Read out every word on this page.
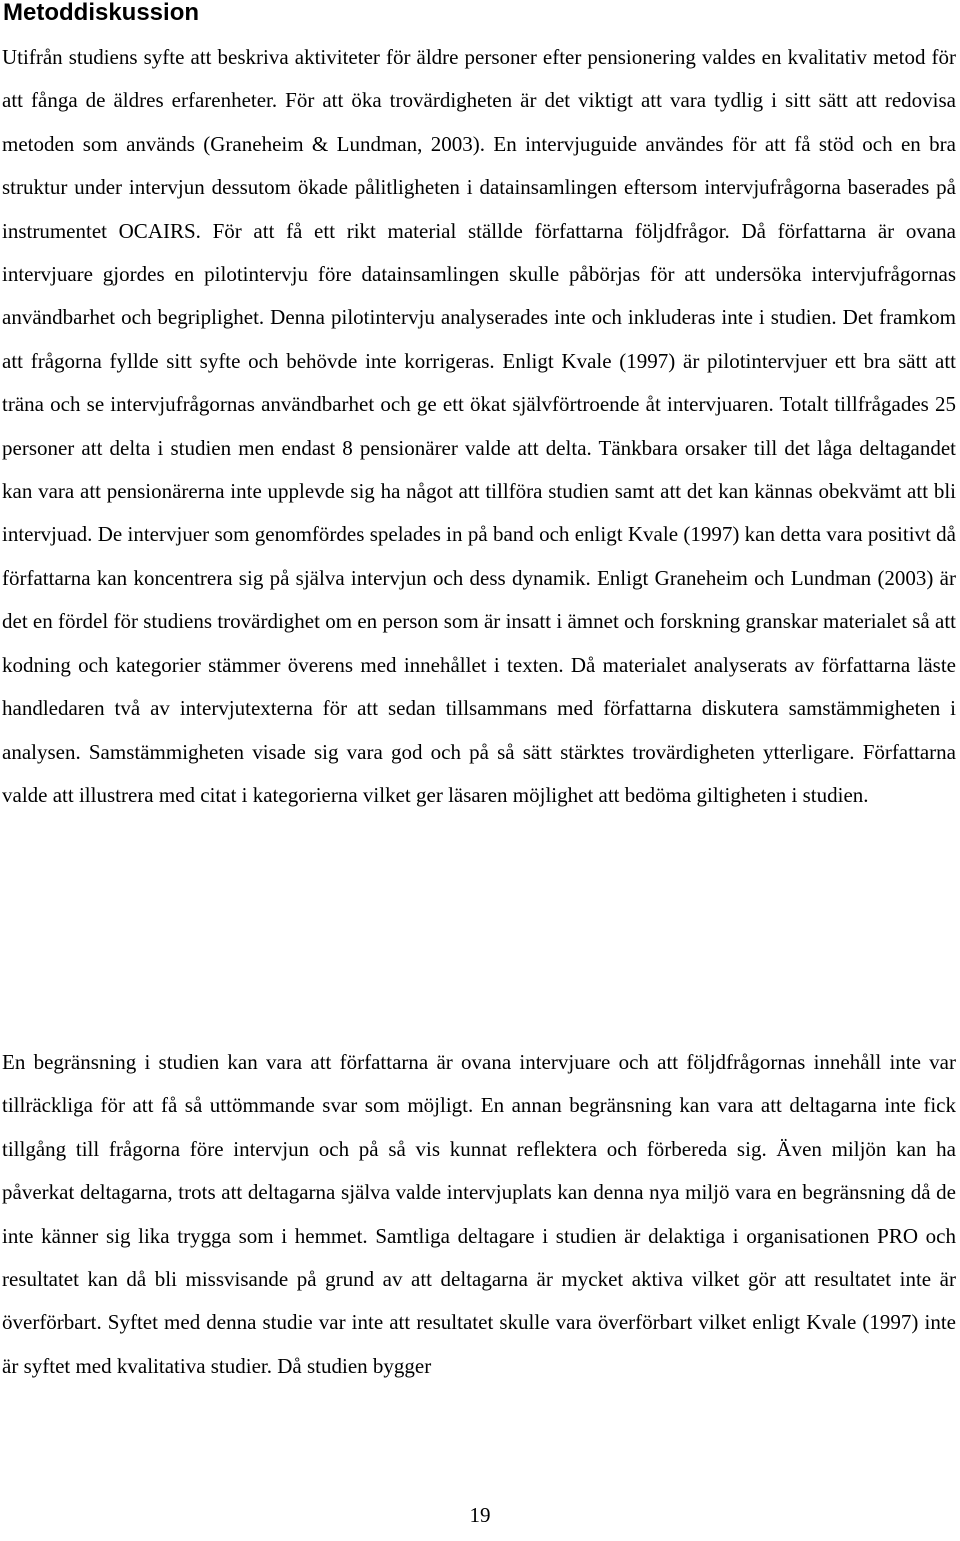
Metoddiskussion

Utifrån studiens syfte att beskriva aktiviteter för äldre personer efter pensionering valdes en kvalitativ metod för att fånga de äldres erfarenheter. För att öka trovärdigheten är det viktigt att vara tydlig i sitt sätt att redovisa metoden som används (Graneheim & Lundman, 2003). En intervjuguide användes för att få stöd och en bra struktur under intervjun dessutom ökade pålitligheten i datainsamlingen eftersom intervjufrågorna baserades på instrumentet OCAIRS. För att få ett rikt material ställde författarna följdfrågor. Då författarna är ovana intervjuare gjordes en pilotintervju före datainsamlingen skulle påbörjas för att undersöka intervjufrågornas användbarhet och begriplighet. Denna pilotintervju analyserades inte och inkluderas inte i studien. Det framkom att frågorna fyllde sitt syfte och behövde inte korrigeras. Enligt Kvale (1997) är pilotintervjuer ett bra sätt att träna och se intervjufrågornas användbarhet och ge ett ökat självförtroende åt intervjuaren. Totalt tillfrågades 25 personer att delta i studien men endast 8 pensionärer valde att delta. Tänkbara orsaker till det låga deltagandet kan vara att pensionärerna inte upplevde sig ha något att tillföra studien samt att det kan kännas obekvämt att bli intervjuad. De intervjuer som genomfördes spelades in på band och enligt Kvale (1997) kan detta vara positivt då författarna kan koncentrera sig på själva intervjun och dess dynamik. Enligt Graneheim och Lundman (2003) är det en fördel för studiens trovärdighet om en person som är insatt i ämnet och forskning granskar materialet så att kodning och kategorier stämmer överens med innehållet i texten. Då materialet analyserats av författarna läste handledaren två av intervjutexterna för att sedan tillsammans med författarna diskutera samstämmigheten i analysen. Samstämmigheten visade sig vara god och på så sätt stärktes trovärdigheten ytterligare. Författarna valde att illustrera med citat i kategorierna vilket ger läsaren möjlighet att bedöma giltigheten i studien.

En begränsning i studien kan vara att författarna är ovana intervjuare och att följdfrågornas innehåll inte var tillräckliga för att få så uttömmande svar som möjligt. En annan begränsning kan vara att deltagarna inte fick tillgång till frågorna före intervjun och på så vis kunnat reflektera och förbereda sig. Även miljön kan ha påverkat deltagarna, trots att deltagarna själva valde intervjuplats kan denna nya miljö vara en begränsning då de inte känner sig lika trygga som i hemmet. Samtliga deltagare i studien är delaktiga i organisationen PRO och resultatet kan då bli missvisande på grund av att deltagarna är mycket aktiva vilket gör att resultatet inte är överförbart. Syftet med denna studie var inte att resultatet skulle vara överförbart vilket enligt Kvale (1997) inte är syftet med kvalitativa studier. Då studien bygger

19
